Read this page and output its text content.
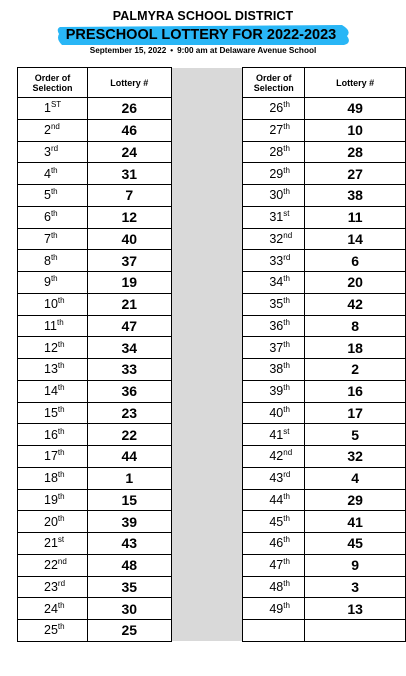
PALMYRA SCHOOL DISTRICT
PRESCHOOL LOTTERY FOR 2022-2023
September 15, 2022 • 9:00 am at Delaware Avenue School
Order of Selection	Lottery #		Order of Selection	Lottery #
1ST	26		26th	49
2nd	46		27th	10
3rd	24		28th	28
4th	31		29th	27
5th	7		30th	38
6th	12		31st	11
7th	40		32nd	14
8th	37		33rd	6
9th	19		34th	20
10th	21		35th	42
11th	47		36th	8
12th	34		37th	18
13th	33		38th	2
14th	36		39th	16
15th	23		40th	17
16th	22		41st	5
17th	44		42nd	32
18th	1		43rd	4
19th	15		44th	29
20th	39		45th	41
21st	43		46th	45
22nd	48		47th	9
23rd	35		48th	3
24th	30		49th	13
25th	25			
